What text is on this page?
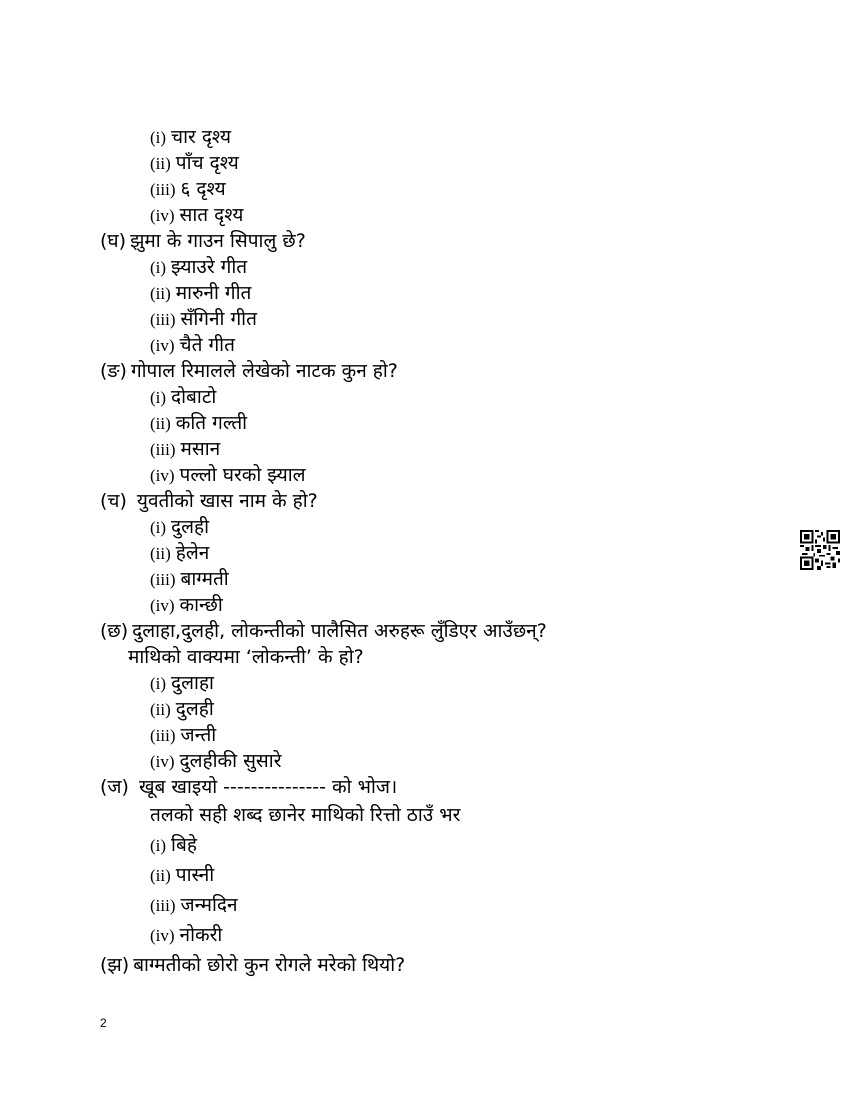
(i) चार दृश्य
(ii) पाँच दृश्य
(iii) ६ दृश्य
(iv) सात दृश्य
(घ) झुमा के गाउन सिपालु छे?
(i) झ्याउरे गीत
(ii) मारुनी गीत
(iii) सँगिनी गीत
(iv) चैते गीत
(ङ) गोपाल रिमालले लेखेको नाटक कुन हो?
(i) दोबाटो
(ii) कति गल्ती
(iii) मसान
(iv) पल्लो घरको झ्याल
(च) युवतीको खास नाम के हो?
(i) दुलही
(ii) हेलेन
(iii) बाग्मती
(iv) कान्छी
(छ) दुलाहा,दुलही, लोकन्तीको पालैसित अरुहरू लुँडिएर आउँछन्?
माथिको वाक्यमा ‘लोकन्ती’ के हो?
(i) दुलाहा
(ii) दुलही
(iii) जन्ती
(iv) दुलहीकी सुसारे
(ज) खूब खाइयो --------------- को भोज।
तलको सही शब्द छानेर माथिको रित्तो ठाउँ भर
(i) बिहे
(ii) पास्नी
(iii) जन्मदिन
(iv) नोकरी
(झ) बाग्मतीको छोरो कुन रोगले मरेको थियो?
2
